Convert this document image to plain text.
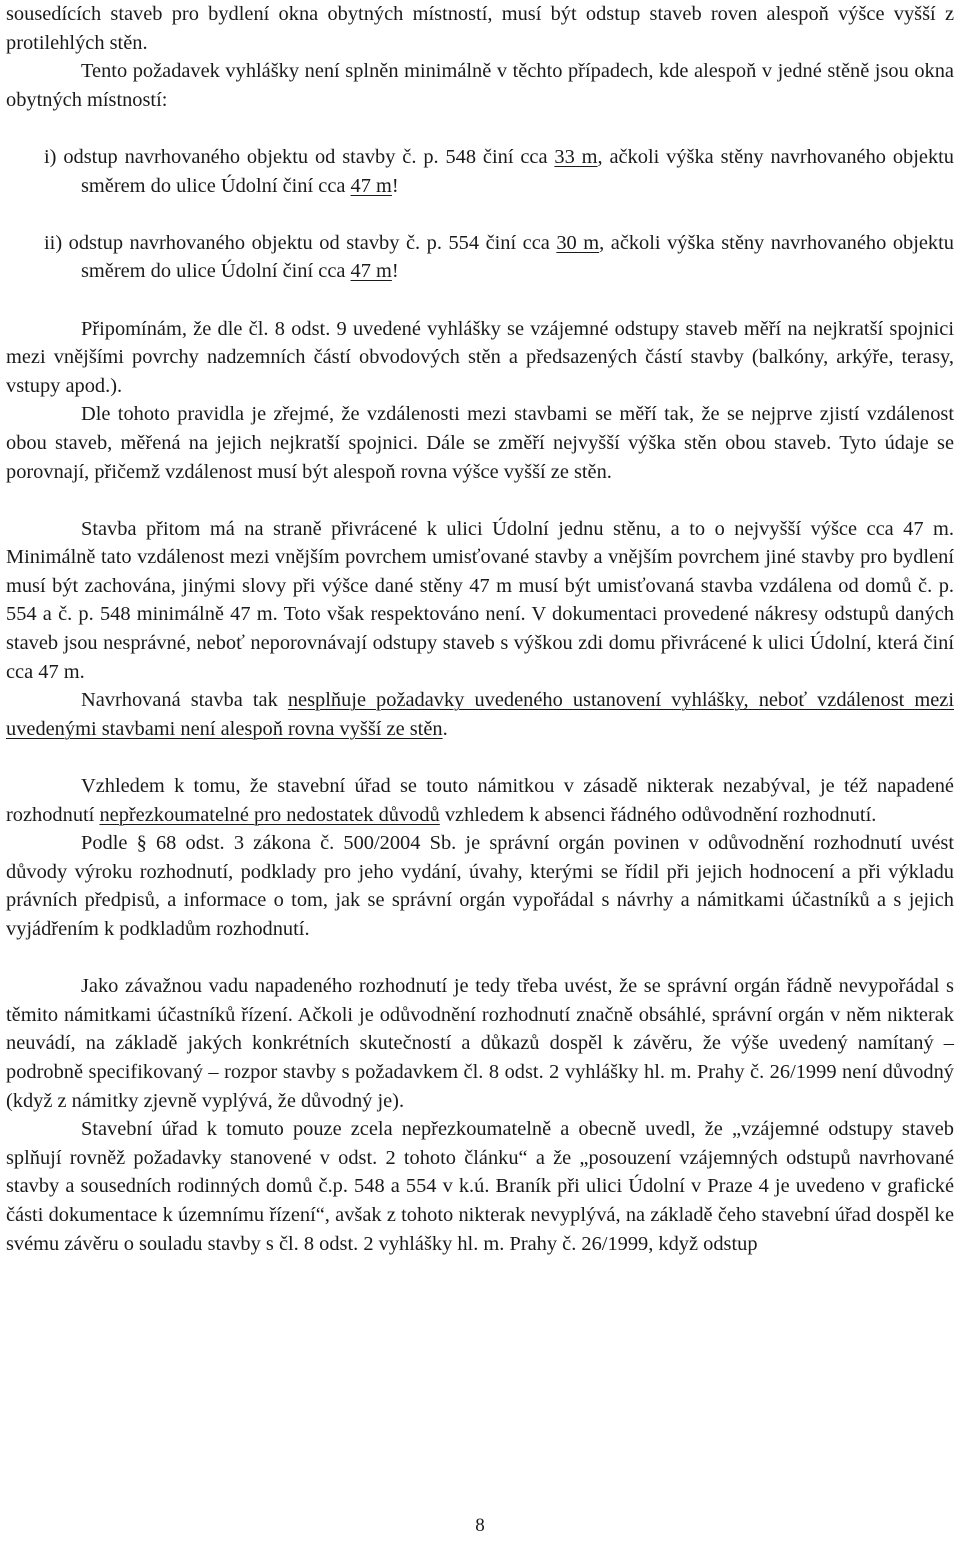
sousedících staveb pro bydlení okna obytných místností, musí být odstup staveb roven alespoň výšce vyšší z protilehlých stěn.

Tento požadavek vyhlášky není splněn minimálně v těchto případech, kde alespoň v jedné stěně jsou okna obytných místností:

i) odstup navrhovaného objektu od stavby č. p. 548 činí cca 33 m, ačkoli výška stěny navrhovaného objektu směrem do ulice Údolní činí cca 47 m!

ii) odstup navrhovaného objektu od stavby č. p. 554 činí cca 30 m, ačkoli výška stěny navrhovaného objektu směrem do ulice Údolní činí cca 47 m!

Připomínám, že dle čl. 8 odst. 9 uvedené vyhlášky se vzájemné odstupy staveb měří na nejkratší spojnici mezi vnějšími povrchy nadzemních částí obvodových stěn a předsazených částí stavby (balkóny, arkýře, terasy, vstupy apod.).

Dle tohoto pravidla je zřejmé, že vzdálenosti mezi stavbami se měří tak, že se nejprve zjistí vzdálenost obou staveb, měřená na jejich nejkratší spojnici. Dále se změří nejvyšší výška stěn obou staveb. Tyto údaje se porovnají, přičemž vzdálenost musí být alespoň rovna výšce vyšší ze stěn.

Stavba přitom má na straně přivrácené k ulici Údolní jednu stěnu, a to o nejvyšší výšce cca 47 m. Minimálně tato vzdálenost mezi vnějším povrchem umisťované stavby a vnějším povrchem jiné stavby pro bydlení musí být zachována, jinými slovy při výšce dané stěny 47 m musí být umisťovaná stavba vzdálena od domů č. p. 554 a č. p. 548 minimálně 47 m. Toto však respektováno není. V dokumentaci provedené nákresy odstupů daných staveb jsou nesprávné, neboť neporovnávají odstupy staveb s výškou zdi domu přivrácené k ulici Údolní, která činí cca 47 m.

Navrhovaná stavba tak nesplňuje požadavky uvedeného ustanovení vyhlášky, neboť vzdálenost mezi uvedenými stavbami není alespoň rovna vyšší ze stěn.

Vzhledem k tomu, že stavební úřad se touto námitkou v zásadě nikterak nezabýval, je též napadené rozhodnutí nepřezkoumatelné pro nedostatek důvodů vzhledem k absenci řádného odůvodnění rozhodnutí.

Podle § 68 odst. 3 zákona č. 500/2004 Sb. je správní orgán povinen v odůvodnění rozhodnutí uvést důvody výroku rozhodnutí, podklady pro jeho vydání, úvahy, kterými se řídil při jejich hodnocení a při výkladu právních předpisů, a informace o tom, jak se správní orgán vypořádal s návrhy a námitkami účastníků a s jejich vyjádřením k podkladům rozhodnutí.

Jako závažnou vadu napadeného rozhodnutí je tedy třeba uvést, že se správní orgán řádně nevypořádal s těmito námitkami účastníků řízení. Ačkoli je odůvodnění rozhodnutí značně obsáhlé, správní orgán v něm nikterak neuvádí, na základě jakých konkrétních skutečností a důkazů dospěl k závěru, že výše uvedený namítaný – podrobně specifikovaný – rozpor stavby s požadavkem čl. 8 odst. 2 vyhlášky hl. m. Prahy č. 26/1999 není důvodný (když z námitky zjevně vyplývá, že důvodný je).

Stavební úřad k tomuto pouze zcela nepřezkoumatelně a obecně uvedl, že „vzájemné odstupy staveb splňují rovněž požadavky stanovené v odst. 2 tohoto článku“ a že „posouzení vzájemných odstupů navrhované stavby a sousedních rodinných domů č.p. 548 a 554 v k.ú. Braník při ulici Údolní v Praze 4 je uvedeno v grafické části dokumentace k územnímu řízení“, avšak z tohoto nikterak nevyplývá, na základě čeho stavební úřad dospěl ke svému závěru o souladu stavby s čl. 8 odst. 2 vyhlášky hl. m. Prahy č. 26/1999, když odstup

8
